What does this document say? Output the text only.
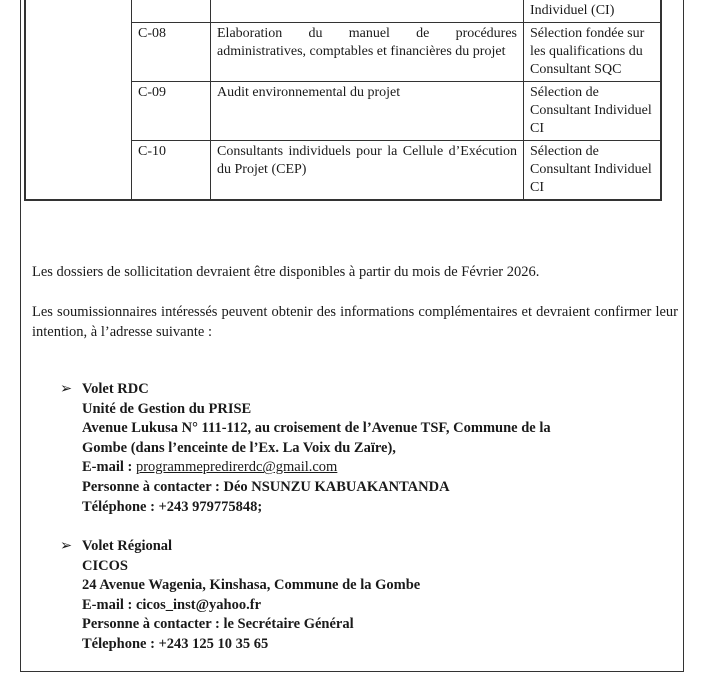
			Individuel (CI)
	C-08	Elaboration du manuel de procédures administratives, comptables et financières du projet	Sélection fondée sur les qualifications du Consultant SQC
	C-09	Audit environnemental du projet	Sélection de Consultant Individuel CI
	C-10	Consultants individuels pour la Cellule d’Exécution du Projet (CEP)	Sélection de Consultant Individuel CI
Les dossiers de sollicitation devraient être disponibles à partir du mois de Février 2026.
Les soumissionnaires intéressés peuvent obtenir des informations complémentaires et devraient confirmer leur intention, à l’adresse suivante :
➢ Volet RDC
Unité de Gestion du PRISE
Avenue Lukusa N° 111-112, au croisement de l’Avenue TSF, Commune de la
Gombe (dans l’enceinte de l’Ex. La Voix du Zaïre),
E-mail : programmepredirerdc@gmail.com
Personne à contacter : Déo NSUNZU KABUAKANTANDA
Téléphone : +243 979775848;
➢ Volet Régional
CICOS
24 Avenue Wagenia, Kinshasa, Commune de la Gombe
E-mail : cicos_inst@yahoo.fr
Personne à contacter : le Secrétaire Général
Télephone : +243 125 10 35 65
